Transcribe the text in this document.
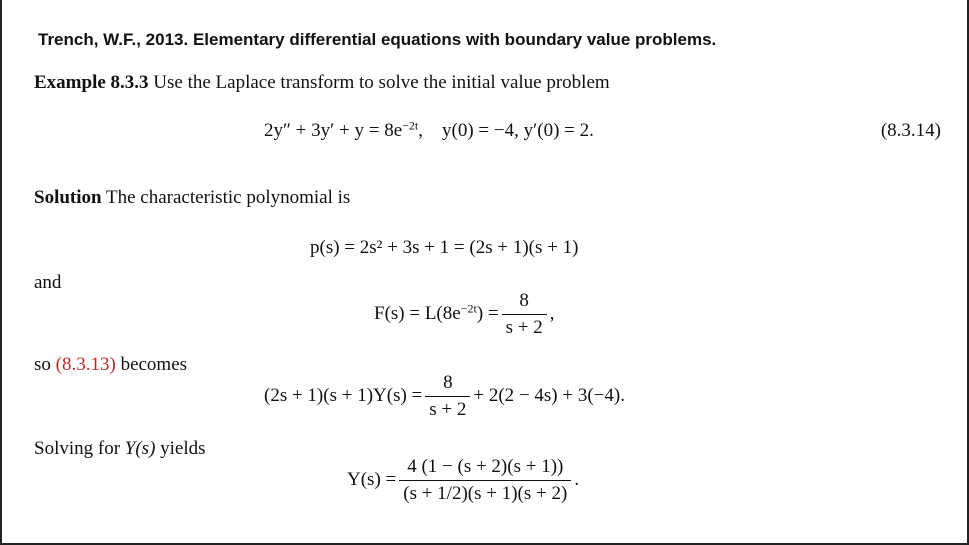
Trench, W.F., 2013. Elementary differential equations with boundary value problems.
Example 8.3.3 Use the Laplace transform to solve the initial value problem
$2y'' + 3y' + y = 8e^{-2t}$, y(0) = −4, y′(0) = 2.	(8.3.14)
Solution The characteristic polynomial is
p(s) = 2s² + 3s + 1 = (2s + 1)(s + 1)
and
$F(s) = L(8e^{-2t}) = \frac{8}{s + 2}$ ,
so (8.3.13) becomes
$(2s + 1)(s + 1)Y(s) = \frac{8}{s + 2} + 2(2 - 4s) + 3(-4)$.
Solving for Y(s) yields
$Y(s) = \frac{4 (1 - (s + 2)(s + 1))}{(s + 1/2)(s + 1)(s + 2)}$ .
